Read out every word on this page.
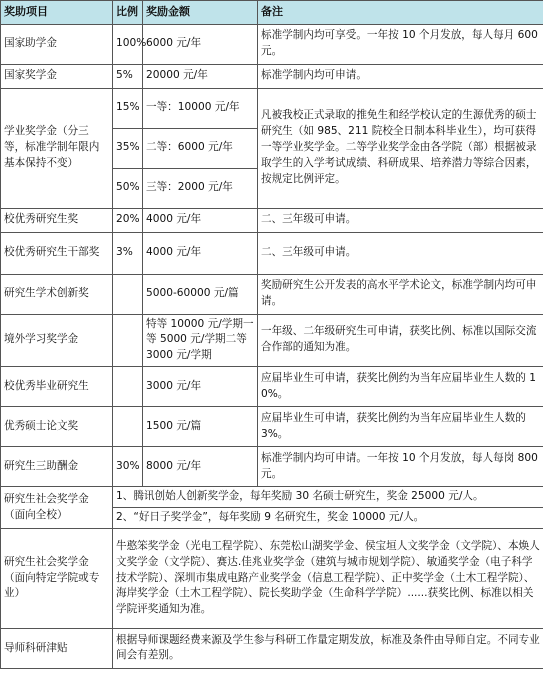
奖助项目	比例	奖励金额	备注
国家助学金	100%	6000 元/年	标准学制内均可享受。一年按 10 个月发放，每人每月 600 元。
国家奖学金	5%	20000 元/年	标准学制内均可申请。
学业奖学金（分三等，标准学制年限内基本保持不变）	15%	一等：10000 元/年	凡被我校正式录取的推免生和经学校认定的生源优秀的硕士研究生（如 985、211 院校全日制本科毕业生），均可获得一等学业奖学金。二等学业奖学金由各学院（部）根据被录取学生的入学考试成绩、科研成果、培养潜力等综合因素，按规定比例评定。
	35%	二等：6000 元/年	
	50%	三等：2000 元/年	
校优秀研究生奖	20%	4000 元/年	二、三年级可申请。
校优秀研究生干部奖	3%	4000 元/年	二、三年级可申请。
研究生学术创新奖		5000-60000 元/篇	奖励研究生公开发表的高水平学术论文，标准学制内均可申请。
境外学习奖学金		特等 10000 元/学期一等 5000 元/学期二等 3000 元/学期	一年级、二年级研究生可申请，获奖比例、标准以国际交流合作部的通知为准。
校优秀毕业研究生		3000 元/年	应届毕业生可申请，获奖比例约为当年应届毕业生人数的 10%。
优秀硕士论文奖		1500 元/篇	应届毕业生可申请，获奖比例约为当年应届毕业生人数的 3%。
研究生三助酬金	30%	8000 元/年	标准学制内均可申请。一年按 10 个月发放，每人每岗 800 元。
研究生社会奖学金（面向全校）	1、腾讯创始人创新奖学金，每年奖励 30 名硕士研究生，奖金 25000 元/人。		
	2、“好日子奖学金”，每年奖励 9 名研究生，奖金 10000 元/人。		
研究生社会奖学金（面向特定学院或专业）	牛憨笨奖学金（光电工程学院）、东莞松山湖奖学金、侯宝垣人文奖学金（文学院）、本焕人文奖学金（文学院）、赛达.佳兆业奖学金（建筑与城市规划学院）、敏通奖学金（电子科学技术学院）、深圳市集成电路产业奖学金（信息工程学院）、正中奖学金（土木工程学院）、海岸奖学金（土木工程学院）、院长奖助学金（生命科学学院）......获奖比例、标准以相关学院评奖通知为准。		
导师科研津贴	根据导师课题经费来源及学生参与科研工作量定期发放，标准及条件由导师自定。不同专业间会有差别。		
